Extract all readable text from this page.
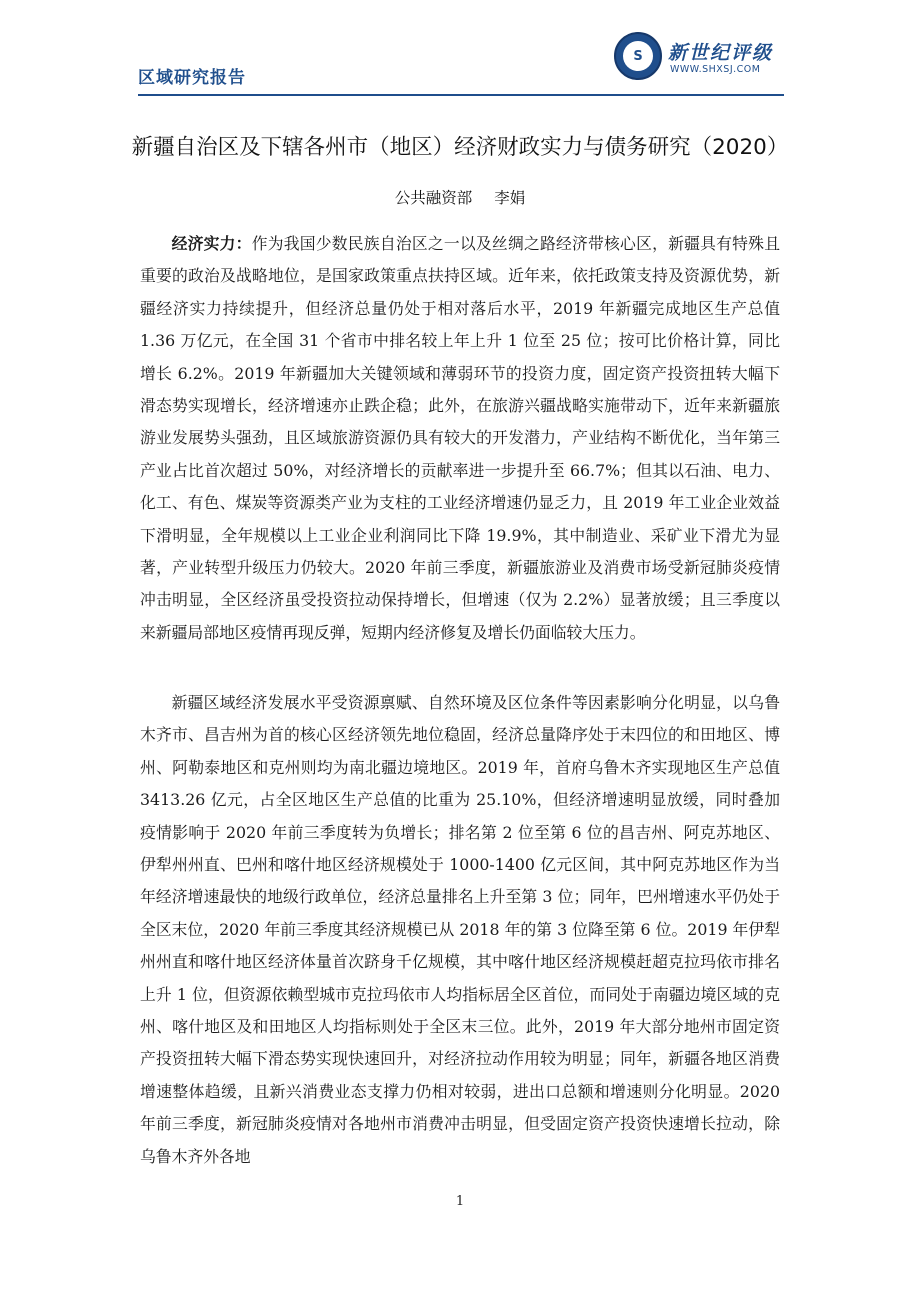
区域研究报告
S	新世纪评级
WWW.SHXSJ.COM
新疆自治区及下辖各州市（地区）经济财政实力与债务研究（2020）
公共融资部 李娟

经济实力：作为我国少数民族自治区之一以及丝绸之路经济带核心区，新疆具有特殊且重要的政治及战略地位，是国家政策重点扶持区域。近年来，依托政策支持及资源优势，新疆经济实力持续提升，但经济总量仍处于相对落后水平，2019 年新疆完成地区生产总值 1.36 万亿元，在全国 31 个省市中排名较上年上升 1 位至 25 位；按可比价格计算，同比增长 6.2%。2019 年新疆加大关键领域和薄弱环节的投资力度，固定资产投资扭转大幅下滑态势实现增长，经济增速亦止跌企稳；此外，在旅游兴疆战略实施带动下，近年来新疆旅游业发展势头强劲，且区域旅游资源仍具有较大的开发潜力，产业结构不断优化，当年第三产业占比首次超过 50%，对经济增长的贡献率进一步提升至 66.7%；但其以石油、电力、化工、有色、煤炭等资源类产业为支柱的工业经济增速仍显乏力，且 2019 年工业企业效益下滑明显，全年规模以上工业企业利润同比下降 19.9%，其中制造业、采矿业下滑尤为显著，产业转型升级压力仍较大。2020 年前三季度，新疆旅游业及消费市场受新冠肺炎疫情冲击明显，全区经济虽受投资拉动保持增长，但增速（仅为 2.2%）显著放缓；且三季度以来新疆局部地区疫情再现反弹，短期内经济修复及增长仍面临较大压力。

新疆区域经济发展水平受资源禀赋、自然环境及区位条件等因素影响分化明显，以乌鲁木齐市、昌吉州为首的核心区经济领先地位稳固，经济总量降序处于末四位的和田地区、博州、阿勒泰地区和克州则均为南北疆边境地区。2019 年，首府乌鲁木齐实现地区生产总值 3413.26 亿元，占全区地区生产总值的比重为 25.10%，但经济增速明显放缓，同时叠加疫情影响于 2020 年前三季度转为负增长；排名第 2 位至第 6 位的昌吉州、阿克苏地区、伊犁州州直、巴州和喀什地区经济规模处于 1000-1400 亿元区间，其中阿克苏地区作为当年经济增速最快的地级行政单位，经济总量排名上升至第 3 位；同年，巴州增速水平仍处于全区末位，2020 年前三季度其经济规模已从 2018 年的第 3 位降至第 6 位。2019 年伊犁州州直和喀什地区经济体量首次跻身千亿规模，其中喀什地区经济规模赶超克拉玛依市排名上升 1 位，但资源依赖型城市克拉玛依市人均指标居全区首位，而同处于南疆边境区域的克州、喀什地区及和田地区人均指标则处于全区末三位。此外，2019 年大部分地州市固定资产投资扭转大幅下滑态势实现快速回升，对经济拉动作用较为明显；同年，新疆各地区消费增速整体趋缓，且新兴消费业态支撑力仍相对较弱，进出口总额和增速则分化明显。2020 年前三季度，新冠肺炎疫情对各地州市消费冲击明显，但受固定资产投资快速增长拉动，除乌鲁木齐外各地

1
